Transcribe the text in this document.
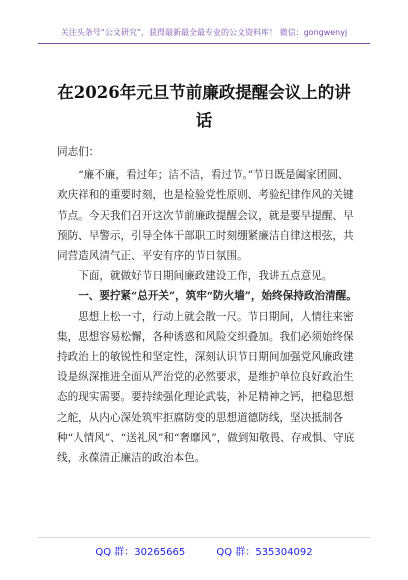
关注头条号“公文研究”，获得最新最全最专业的公文资料库！ 微信：gongwenyj
在2026年元旦节前廉政提醒会议上的讲
话

同志们：

“廉不廉，看过年；洁不洁，看过节。”节日既是阖家团圆、欢庆祥和的重要时刻，也是检验党性原则、考验纪律作风的关键节点。今天我们召开这次节前廉政提醒会议，就是要早提醒、早预防、早警示，引导全体干部职工时刻绷紧廉洁自律这根弦，共同营造风清气正、平安有序的节日氛围。

下面，就做好节日期间廉政建设工作，我讲五点意见。

一、要拧紧“总开关”，筑牢“防火墙”，始终保持政治清醒。

思想上松一寸，行动上就会散一尺。节日期间，人情往来密集，思想容易松懈，各种诱惑和风险交织叠加。我们必须始终保持政治上的敏锐性和坚定性，深刻认识节日期间加强党风廉政建设是纵深推进全面从严治党的必然要求，是维护单位良好政治生态的现实需要。要持续强化理论武装，补足精神之钙，把稳思想之舵，从内心深处筑牢拒腐防变的思想道德防线，坚决抵制各种“人情风”、“送礼风”和“奢靡风”，做到知敬畏、存戒惧、守底线，永葆清正廉洁的政治本色。

QQ 群：30265665	QQ 群：535304092
